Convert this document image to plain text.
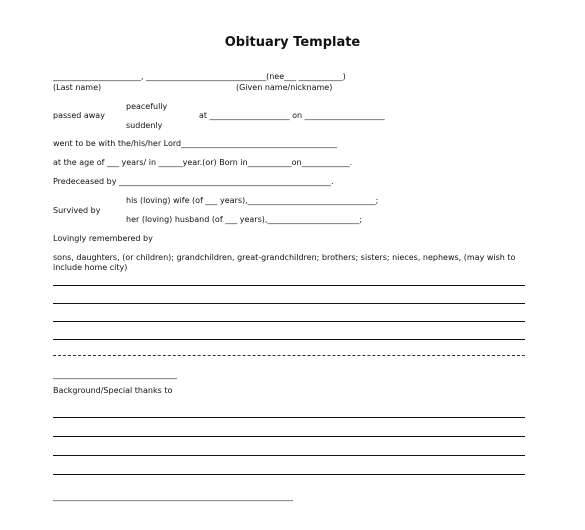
Obituary Template
______________________, ______________________________(nee___ ___________)
(Last name)	(Given name/nickname)
peacefully
passed away	at ____________________ on ____________________
suddenly
went to be with the/his/her Lord_______________________________________
at the age of ___ years/ in ______year.(or) Born in___________on____________.
Predeceased by _____________________________________________________.
his (loving) wife (of ___ years),________________________________;
Survived by
her (loving) husband (of ___ years),_______________________;
Lovingly remembered by
sons, daughters, (or children); grandchildren, great-grandchildren; brothers; sisters; nieces, nephews, (may wish to include home city)
_______________________________
Background/Special thanks to
____________________________________________________________
